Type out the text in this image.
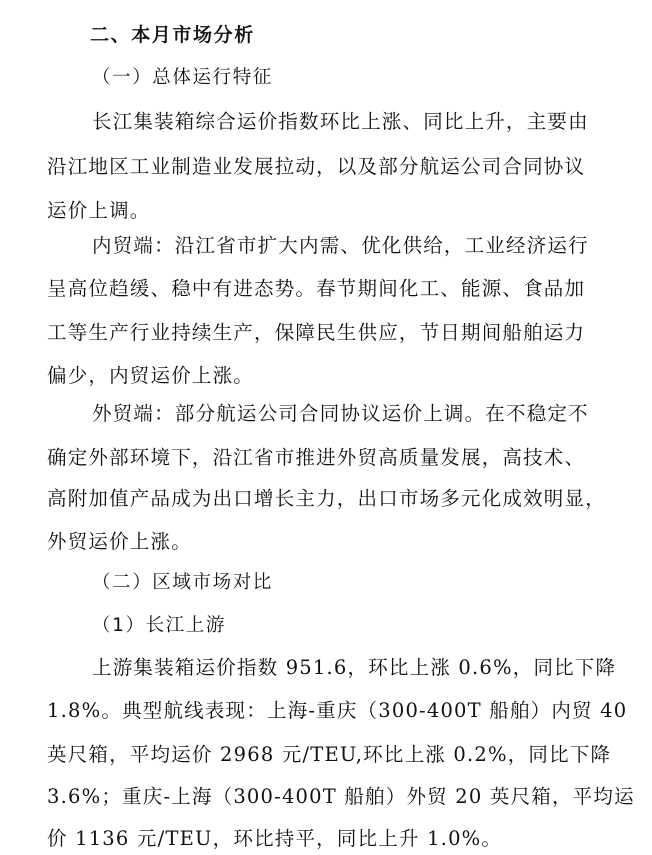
二、本月市场分析
（一）总体运行特征
长江集装箱综合运价指数环比上涨、同比上升，主要由
沿江地区工业制造业发展拉动，以及部分航运公司合同协议
运价上调。
内贸端：沿江省市扩大内需、优化供给，工业经济运行
呈高位趋缓、稳中有进态势。春节期间化工、能源、食品加
工等生产行业持续生产，保障民生供应，节日期间船舶运力
偏少，内贸运价上涨。
外贸端：部分航运公司合同协议运价上调。在不稳定不
确定外部环境下，沿江省市推进外贸高质量发展，高技术、
高附加值产品成为出口增长主力，出口市场多元化成效明显，
外贸运价上涨。
（二）区域市场对比
（1）长江上游
上游集装箱运价指数 951.6，环比上涨 0.6%，同比下降
1.8%。典型航线表现：上海-重庆（300-400T 船舶）内贸 40
英尺箱，平均运价 2968 元/TEU,环比上涨 0.2%，同比下降
3.6%；重庆-上海（300-400T 船舶）外贸 20 英尺箱，平均运
价 1136 元/TEU，环比持平，同比上升 1.0%。
